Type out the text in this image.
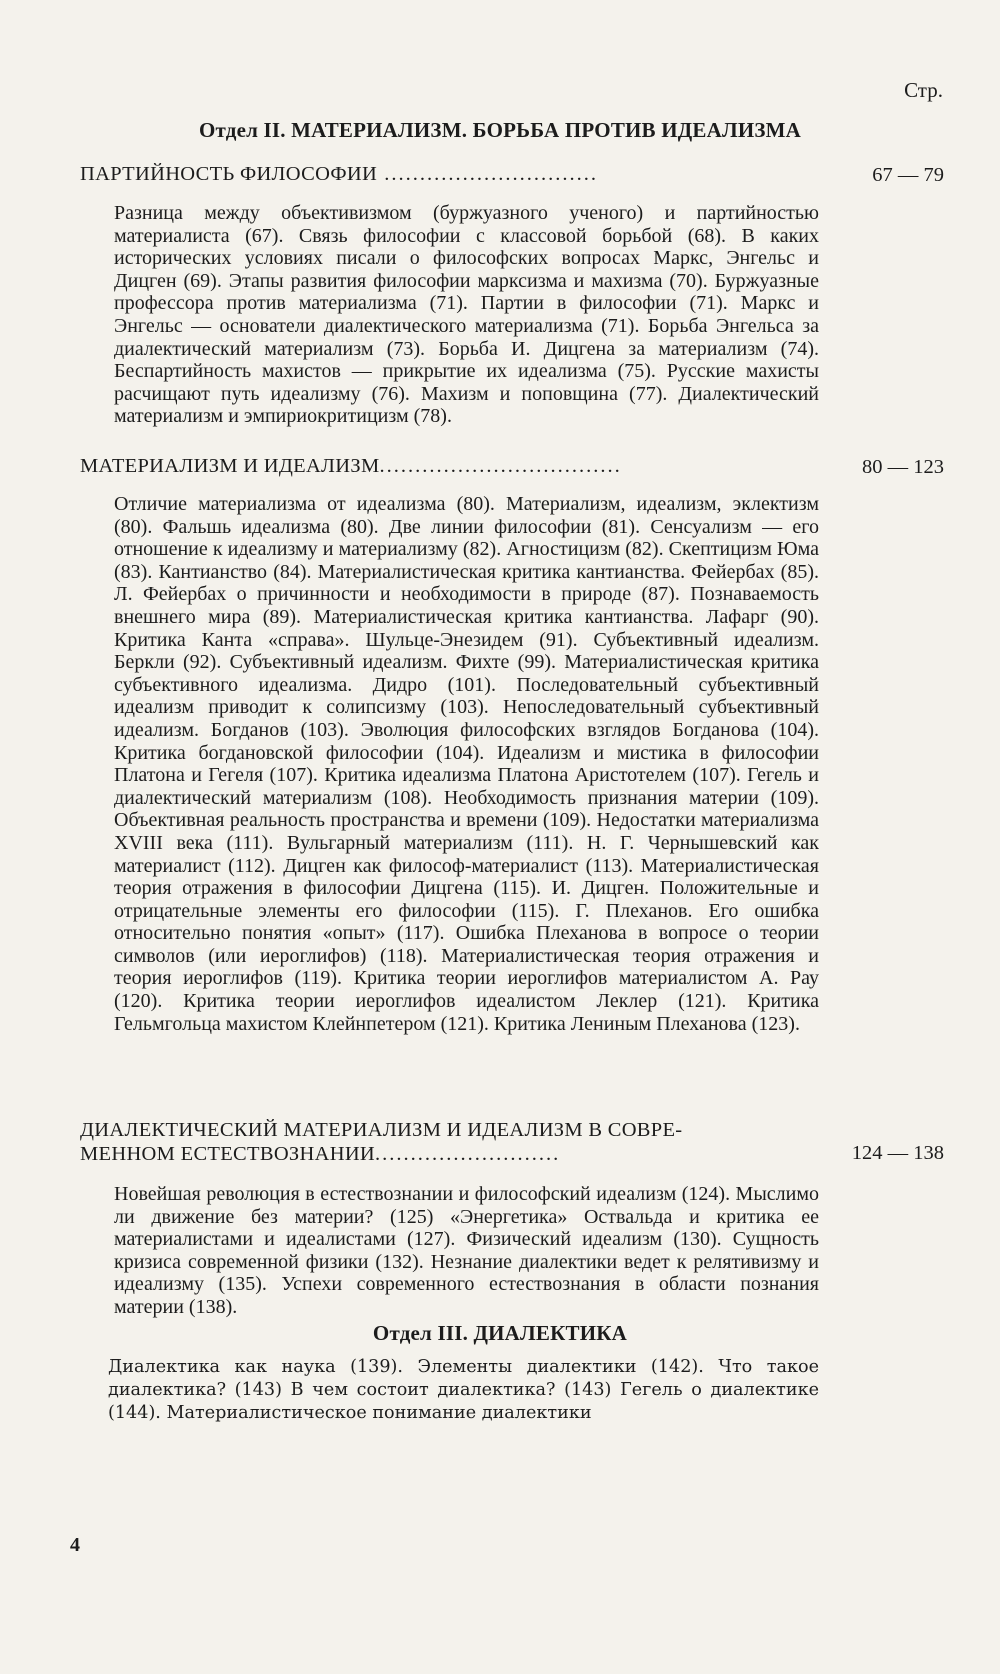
Стр.
Отдел II. МАТЕРИАЛИЗМ. БОРЬБА ПРОТИВ ИДЕАЛИЗМА
ПАРТИЙНОСТЬ ФИЛОСОФИИ ..............................	67 — 79
Разница между объективизмом (буржуазного ученого) и партийностью материалиста (67). Связь философии с классовой борьбой (68). В каких исторических условиях писали о философских вопросах Маркс, Энгельс и Дицген (69). Этапы развития философии марксизма и махизма (70). Буржуазные профессора против материализма (71). Партии в философии (71). Маркс и Энгельс — основатели диалектического материализма (71). Борьба Энгельса за диалектический материализм (73). Борьба И. Дицгена за материализм (74). Беспартийность махистов — прикрытие их идеализма (75). Русские махисты расчищают путь идеализму (76). Махизм и поповщина (77). Диалектический материализм и эмпириокритицизм (78).
МАТЕРИАЛИЗМ И ИДЕАЛИЗМ..................................	80 — 123
Отличие материализма от идеализма (80). Материализм, идеализм, эклектизм (80). Фальшь идеализма (80). Две линии философии (81). Сенсуализм — его отношение к идеализму и материализму (82). Агностицизм (82). Скептицизм Юма (83). Кантианство (84). Материалистическая критика кантианства. Фейербах (85). Л. Фейербах о причинности и необходимости в природе (87). Познаваемость внешнего мира (89). Материалистическая критика кантианства. Лафарг (90). Критика Канта «справа». Шульце-Энезидем (91). Субъективный идеализм. Беркли (92). Субъективный идеализм. Фихте (99). Материалистическая критика субъективного идеализма. Дидро (101). Последовательный субъективный идеализм приводит к солипсизму (103). Непоследовательный субъективный идеализм. Богданов (103). Эволюция философских взглядов Богданова (104). Критика богдановской философии (104). Идеализм и мистика в философии Платона и Гегеля (107). Критика идеализма Платона Аристотелем (107). Гегель и диалектический материализм (108). Необходимость признания материи (109). Объективная реальность пространства и времени (109). Недостатки материализма XVIII века (111). Вульгарный материализм (111). Н. Г. Чернышевский как материалист (112). Дицген как философ-материалист (113). Материалистическая теория отражения в философии Дицгена (115). И. Дицген. Положительные и отрицательные элементы его философии (115). Г. Плеханов. Его ошибка относительно понятия «опыт» (117). Ошибка Плеханова в вопросе о теории символов (или иероглифов) (118). Материалистическая теория отражения и теория иероглифов (119). Критика теории иероглифов материалистом А. Рау (120). Критика теории иероглифов идеалистом Леклер (121). Критика Гельмгольца махистом Клейнпетером (121). Критика Лениным Плеханова (123).
ДИАЛЕКТИЧЕСКИЙ МАТЕРИАЛИЗМ И ИДЕАЛИЗМ В СОВРЕ-
МЕННОМ ЕСТЕСТВОЗНАНИИ..........................	124 — 138
Новейшая революция в естествознании и философский идеализм (124). Мыслимо ли движение без материи? (125) «Энергетика» Оствальда и критика ее материалистами и идеалистами (127). Физический идеализм (130). Сущность кризиса современной физики (132). Незнание диалектики ведет к релятивизму и идеализму (135). Успехи современного естествознания в области познания материи (138).
Отдел III. ДИАЛЕКТИКА
Диалектика как наука (139). Элементы диалектики (142). Что такое диалектика? (143) В чем состоит диалектика? (143) Гегель о диалектике (144). Материалистическое понимание диалектики
4
